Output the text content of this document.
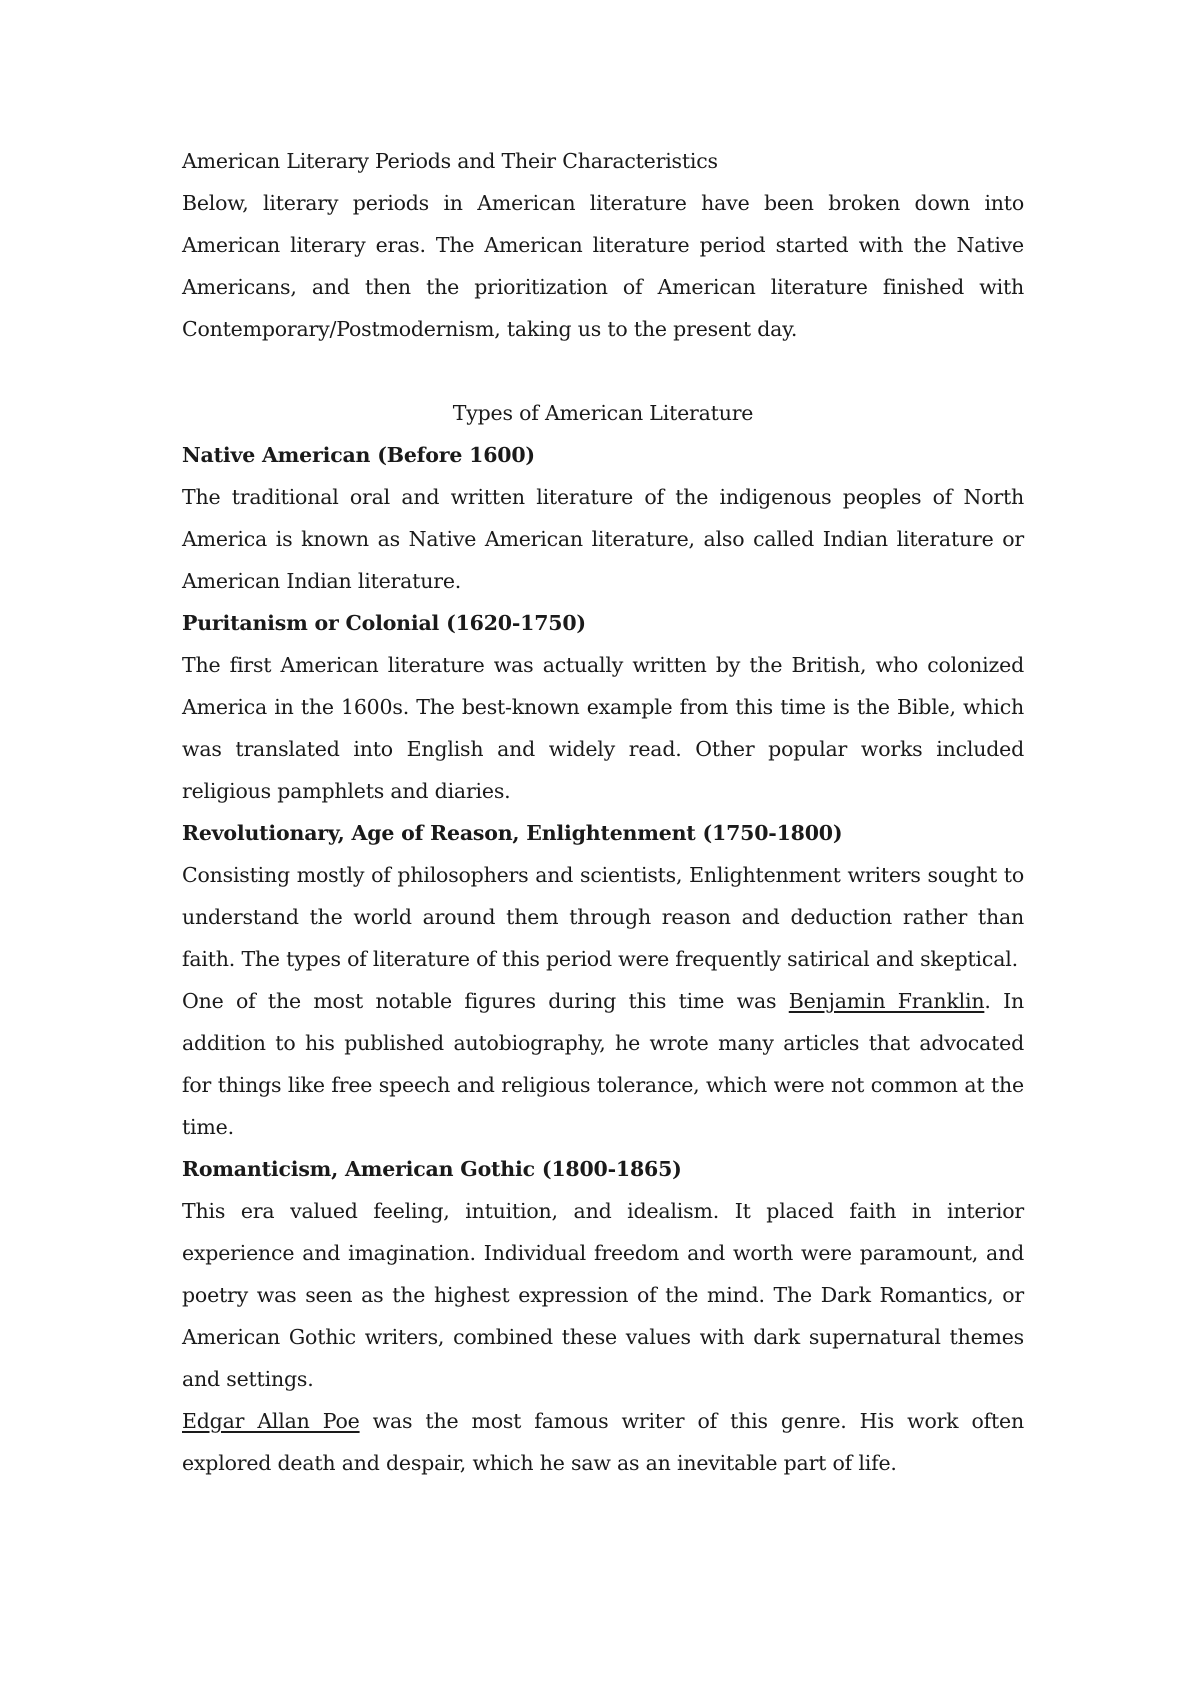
American Literary Periods and Their Characteristics

Below, literary periods in American literature have been broken down into American literary eras. The American literature period started with the Native Americans, and then the prioritization of American literature finished with Contemporary/Postmodernism, taking us to the present day.

Types of American Literature

Native American (Before 1600)

The traditional oral and written literature of the indigenous peoples of North America is known as Native American literature, also called Indian literature or American Indian literature.

Puritanism or Colonial (1620-1750)

The first American literature was actually written by the British, who colonized America in the 1600s. The best-known example from this time is the Bible, which was translated into English and widely read. Other popular works included religious pamphlets and diaries.

Revolutionary, Age of Reason, Enlightenment (1750-1800)

Consisting mostly of philosophers and scientists, Enlightenment writers sought to understand the world around them through reason and deduction rather than faith. The types of literature of this period were frequently satirical and skeptical.

One of the most notable figures during this time was Benjamin Franklin. In addition to his published autobiography, he wrote many articles that advocated for things like free speech and religious tolerance, which were not common at the time.

Romanticism, American Gothic (1800-1865)

This era valued feeling, intuition, and idealism. It placed faith in interior experience and imagination. Individual freedom and worth were paramount, and poetry was seen as the highest expression of the mind. The Dark Romantics, or American Gothic writers, combined these values with dark supernatural themes and settings.

Edgar Allan Poe was the most famous writer of this genre. His work often explored death and despair, which he saw as an inevitable part of life.
